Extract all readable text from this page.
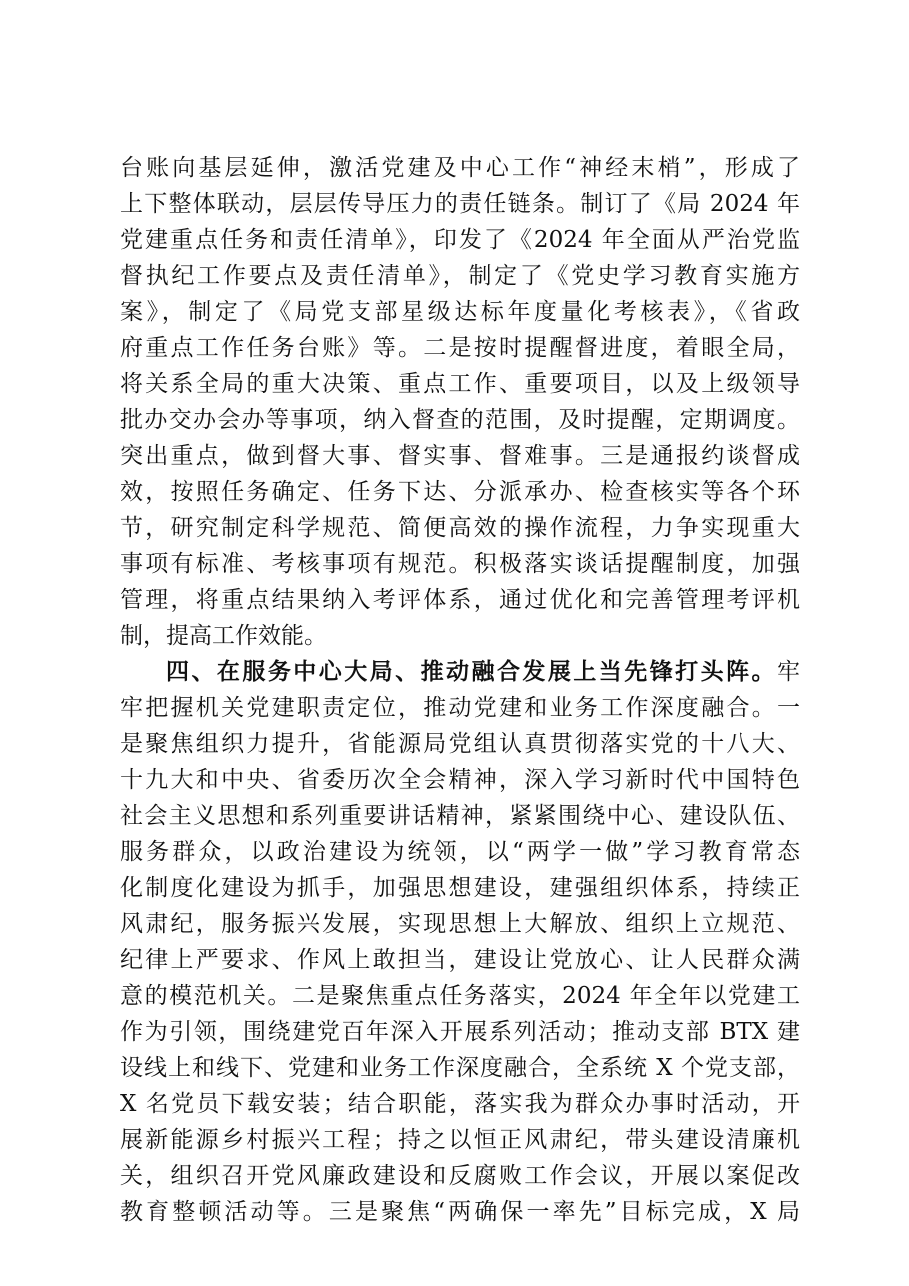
台账向基层延伸，激活党建及中心工作“神经末梢”，形成了
上下整体联动，层层传导压力的责任链条。制订了《局 2024 年
党建重点任务和责任清单》，印发了《2024 年全面从严治党监
督执纪工作要点及责任清单》，制定了《党史学习教育实施方
案》，制定了《局党支部星级达标年度量化考核表》，《省政
府重点工作任务台账》等。二是按时提醒督进度，着眼全局，
将关系全局的重大决策、重点工作、重要项目，以及上级领导
批办交办会办等事项，纳入督查的范围，及时提醒，定期调度。
突出重点，做到督大事、督实事、督难事。三是通报约谈督成
效，按照任务确定、任务下达、分派承办、检查核实等各个环
节，研究制定科学规范、简便高效的操作流程，力争实现重大
事项有标准、考核事项有规范。积极落实谈话提醒制度，加强
管理，将重点结果纳入考评体系，通过优化和完善管理考评机
制，提高工作效能。
四、在服务中心大局、推动融合发展上当先锋打头阵。牢
牢把握机关党建职责定位，推动党建和业务工作深度融合。一
是聚焦组织力提升，省能源局党组认真贯彻落实党的十八大、
十九大和中央、省委历次全会精神，深入学习新时代中国特色
社会主义思想和系列重要讲话精神，紧紧围绕中心、建设队伍、
服务群众，以政治建设为统领，以“两学一做”学习教育常态
化制度化建设为抓手，加强思想建设，建强组织体系，持续正
风肃纪，服务振兴发展，实现思想上大解放、组织上立规范、
纪律上严要求、作风上敢担当，建设让党放心、让人民群众满
意的模范机关。二是聚焦重点任务落实，2024 年全年以党建工
作为引领，围绕建党百年深入开展系列活动；推动支部 BTX 建
设线上和线下、党建和业务工作深度融合，全系统 X 个党支部，
X 名党员下载安装；结合职能，落实我为群众办事时活动，开
展新能源乡村振兴工程；持之以恒正风肃纪，带头建设清廉机
关，组织召开党风廉政建设和反腐败工作会议，开展以案促改
教育整顿活动等。三是聚焦“两确保一率先”目标完成，X 局
